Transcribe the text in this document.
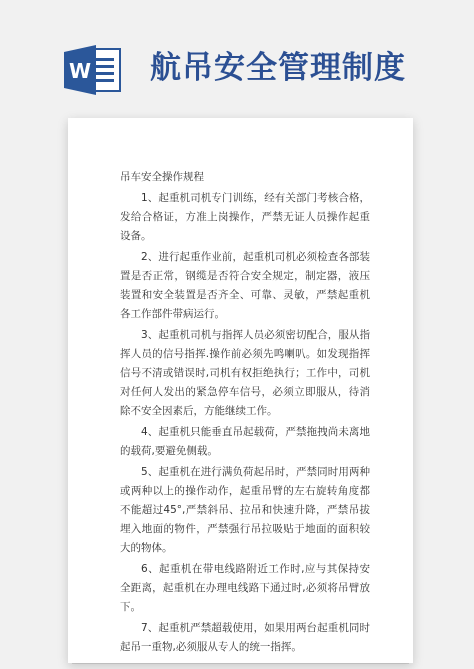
W 航吊安全管理制度

吊车安全操作规程

1、起重机司机专门训练，经有关部门考核合格，发给合格证，方准上岗操作，严禁无证人员操作起重设备。

2、进行起重作业前，起重机司机必须检查各部装置是否正常，钢缆是否符合安全规定，制定器，液压装置和安全装置是否齐全、可靠、灵敏，严禁起重机各工作部件带病运行。

3、起重机司机与指挥人员必须密切配合，服从指挥人员的信号指挥.操作前必须先鸣喇叭。如发现指挥信号不清或错误时,司机有权拒绝执行；工作中，司机对任何人发出的紧急停车信号，必须立即服从，待消除不安全因素后，方能继续工作。

4、起重机只能垂直吊起载荷，严禁拖拽尚未离地的载荷,要避免侧载。

5、起重机在进行满负荷起吊时，严禁同时用两种或两种以上的操作动作，起重吊臂的左右旋转角度都不能超过45°,严禁斜吊、拉吊和快速升降，严禁吊拔埋入地面的物件，严禁强行吊拉吸贴于地面的面积较大的物体。

6、起重机在带电线路附近工作时,应与其保持安全距离，起重机在办理电线路下通过时,必须将吊臂放下。

7、起重机严禁超载使用，如果用两台起重机同时起吊一重物,必须服从专人的统一指挥。
